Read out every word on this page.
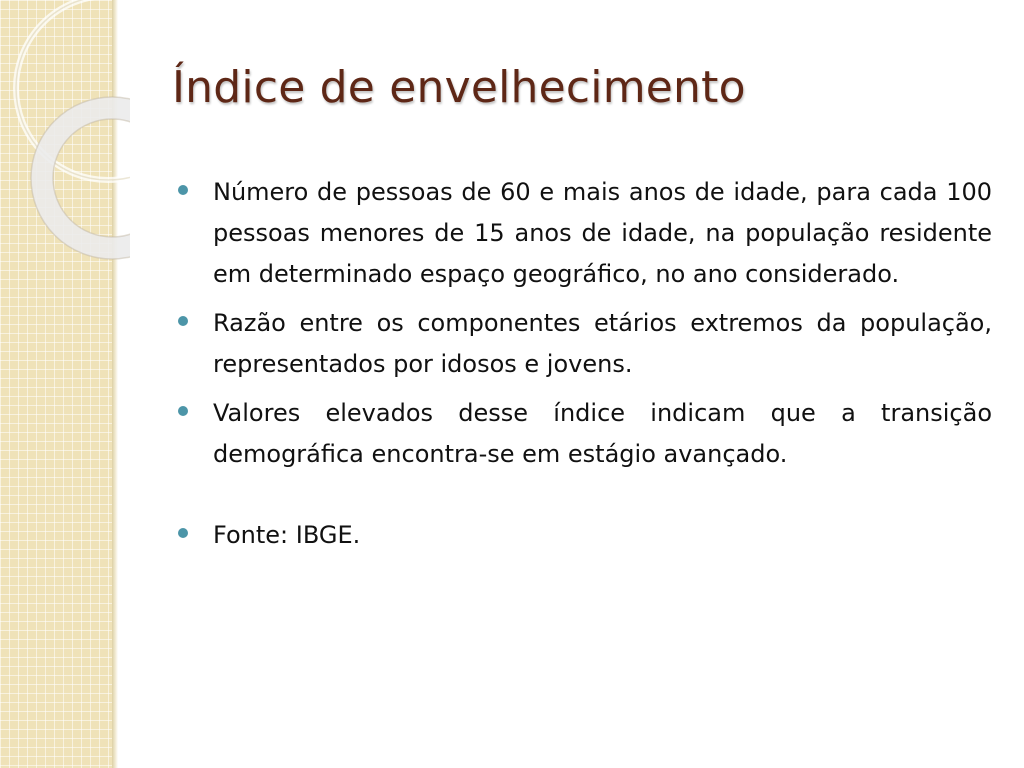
Índice de envelhecimento
Número de pessoas de 60 e mais anos de idade, para cada 100 pessoas menores de 15 anos de idade, na população residente em determinado espaço geográfico, no ano considerado.
Razão entre os componentes etários extremos da população, representados por idosos e jovens.
Valores elevados desse índice indicam que a transição demográfica encontra-se em estágio avançado.
Fonte: IBGE.
